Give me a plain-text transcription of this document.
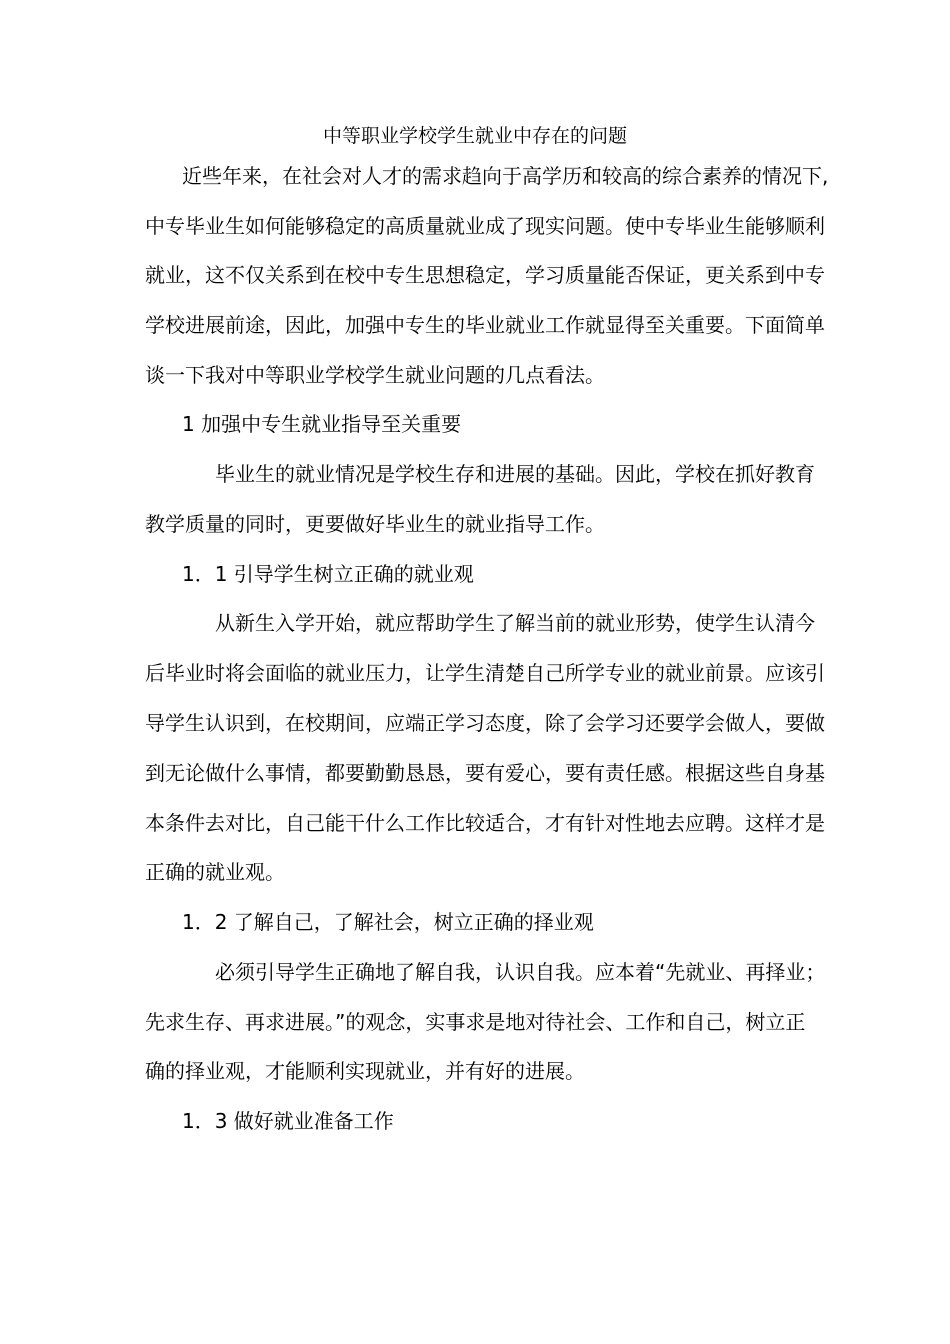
中等职业学校学生就业中存在的问题
近些年来，在社会对人才的需求趋向于高学历和较高的综合素养的情况下,
中专毕业生如何能够稳定的高质量就业成了现实问题。使中专毕业生能够顺利
就业，这不仅关系到在校中专生思想稳定，学习质量能否保证，更关系到中专
学校进展前途，因此，加强中专生的毕业就业工作就显得至关重要。下面简单
谈一下我对中等职业学校学生就业问题的几点看法。
1 加强中专生就业指导至关重要
毕业生的就业情况是学校生存和进展的基础。因此，学校在抓好教育
教学质量的同时，更要做好毕业生的就业指导工作。
1．1 引导学生树立正确的就业观
从新生入学开始，就应帮助学生了解当前的就业形势，使学生认清今
后毕业时将会面临的就业压力，让学生清楚自己所学专业的就业前景。应该引
导学生认识到，在校期间，应端正学习态度，除了会学习还要学会做人，要做
到无论做什么事情，都要勤勤恳恳，要有爱心，要有责任感。根据这些自身基
本条件去对比，自己能干什么工作比较适合，才有针对性地去应聘。这样才是
正确的就业观。
1．2 了解自己，了解社会，树立正确的择业观
必须引导学生正确地了解自我，认识自我。应本着“先就业、再择业；
先求生存、再求进展。”的观念，实事求是地对待社会、工作和自己，树立正
确的择业观，才能顺利实现就业，并有好的进展。
1．3 做好就业准备工作
